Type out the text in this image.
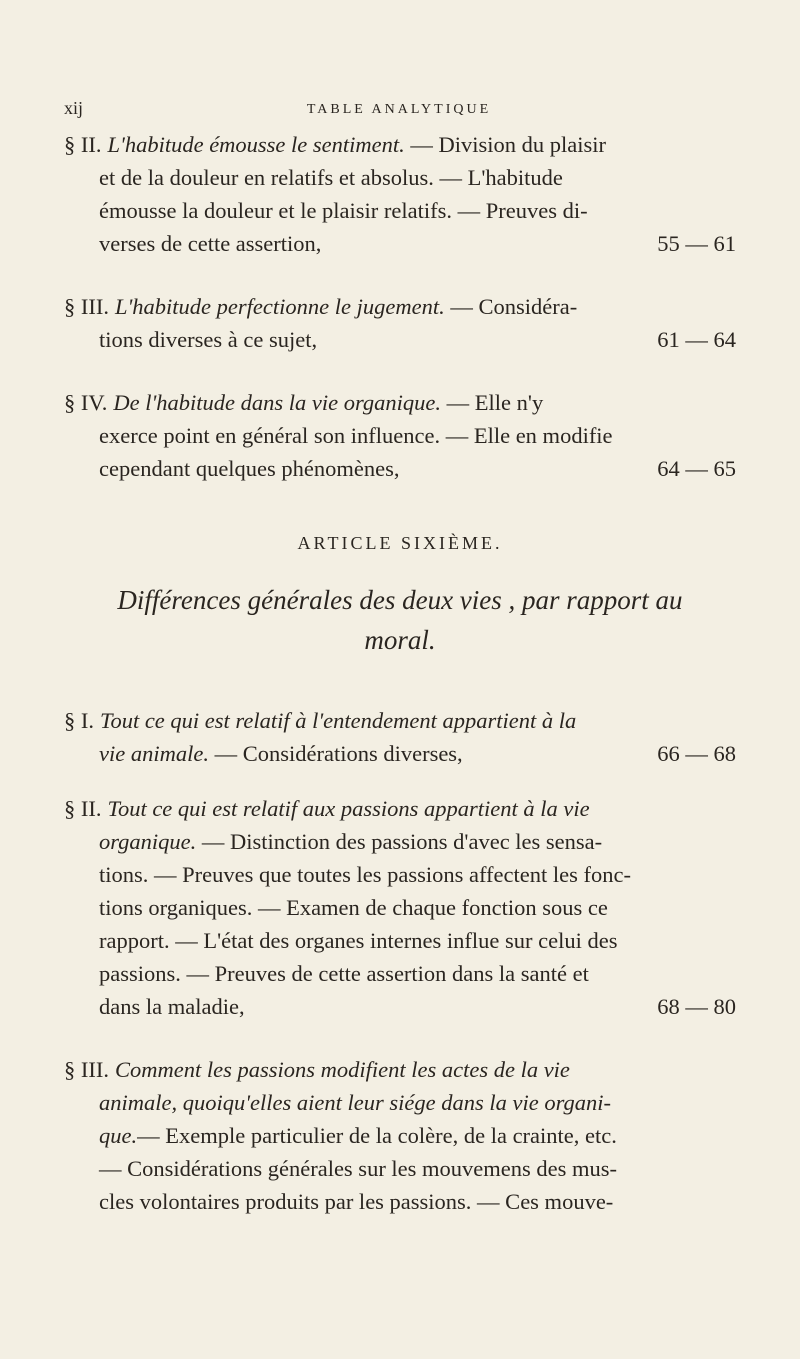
xij	TABLE ANALYTIQUE
§ II. L'habitude émousse le sentiment. — Division du plaisir
et de la douleur en relatifs et absolus. — L'habitude
émousse la douleur et le plaisir relatifs. — Preuves di-
55 — 61
verses de cette assertion,
§ III. L'habitude perfectionne le jugement. — Considéra-
61 — 64
tions diverses à ce sujet,
§ IV. De l'habitude dans la vie organique. — Elle n'y
exerce point en général son influence. — Elle en modifie
64 — 65
cependant quelques phénomènes,
ARTICLE SIXIÈME.
Différences générales des deux vies , par rapport au
moral.
§ I. Tout ce qui est relatif à l'entendement appartient à la
66 — 68
vie animale. — Considérations diverses,
§ II. Tout ce qui est relatif aux passions appartient à la vie
organique. — Distinction des passions d'avec les sensa-
tions. — Preuves que toutes les passions affectent les fonc-
tions organiques. — Examen de chaque fonction sous ce
rapport. — L'état des organes internes influe sur celui des
passions. — Preuves de cette assertion dans la santé et
68 — 80
dans la maladie,
§ III. Comment les passions modifient les actes de la vie
animale, quoiqu'elles aient leur siége dans la vie organi-
que.— Exemple particulier de la colère, de la crainte, etc.
— Considérations générales sur les mouvemens des mus-
cles volontaires produits par les passions. — Ces mouve-
